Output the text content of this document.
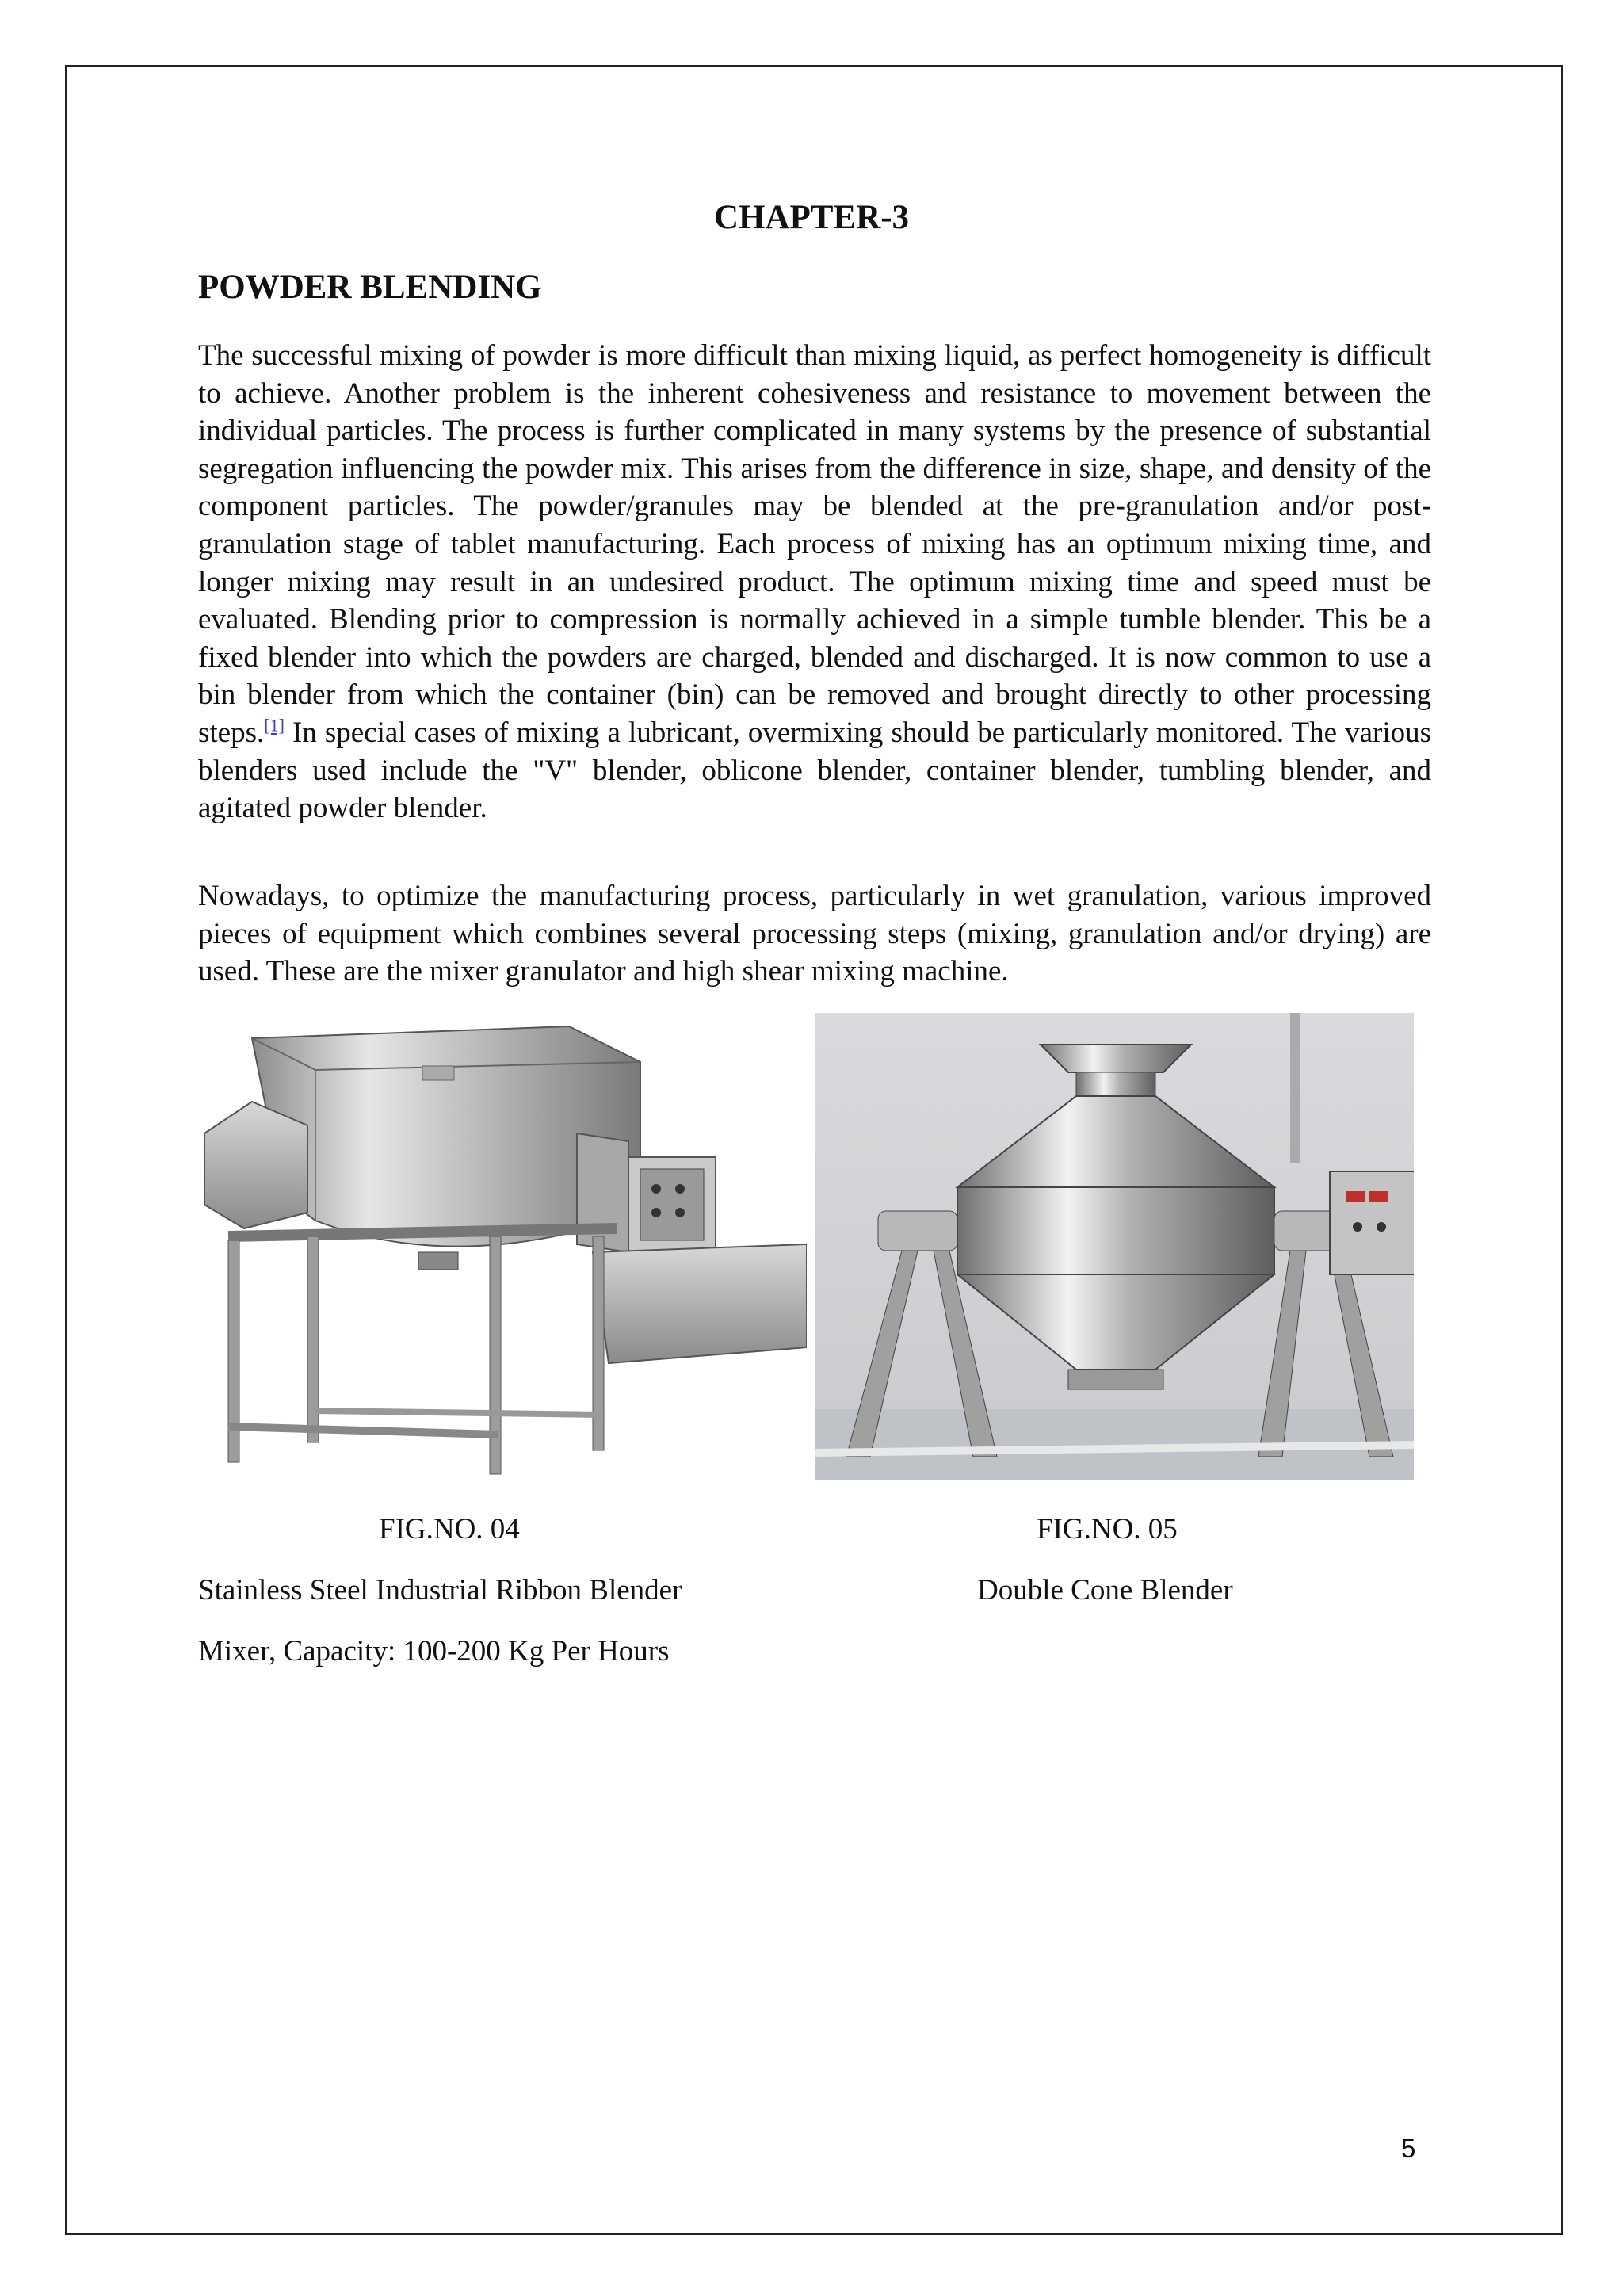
CHAPTER-3
POWDER BLENDING

The successful mixing of powder is more difficult than mixing liquid, as perfect homogeneity is difficult to achieve. Another problem is the inherent cohesiveness and resistance to movement between the individual particles. The process is further complicated in many systems by the presence of substantial segregation influencing the powder mix. This arises from the difference in size, shape, and density of the component particles. The powder/granules may be blended at the pre-granulation and/or post-granulation stage of tablet manufacturing. Each process of mixing has an optimum mixing time, and longer mixing may result in an undesired product. The optimum mixing time and speed must be evaluated. Blending prior to compression is normally achieved in a simple tumble blender. This be a fixed blender into which the powders are charged, blended and discharged. It is now common to use a bin blender from which the container (bin) can be removed and brought directly to other processing steps.[1] In special cases of mixing a lubricant, overmixing should be particularly monitored. The various blenders used include the "V" blender, oblicone blender, container blender, tumbling blender, and agitated powder blender.

Nowadays, to optimize the manufacturing process, particularly in wet granulation, various improved pieces of equipment which combines several processing steps (mixing, granulation and/or drying) are used. These are the mixer granulator and high shear mixing machine.

FIG.NO. 04
Stainless Steel Industrial Ribbon Blender
Mixer, Capacity: 100-200 Kg Per Hours
FIG.NO. 05
Double Cone Blender
5
